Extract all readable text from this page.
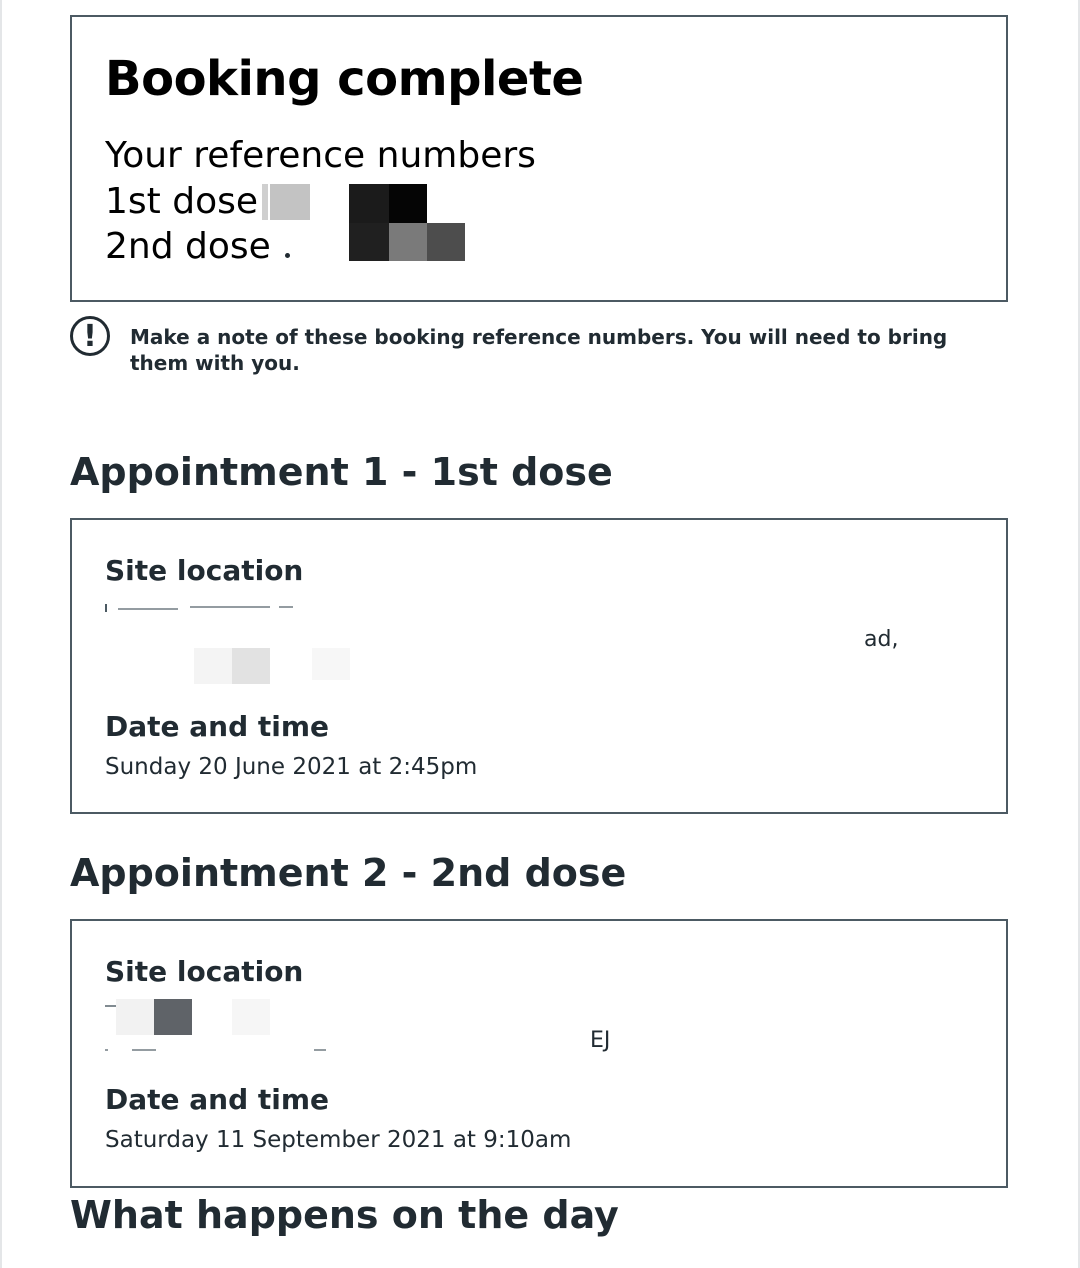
Booking complete

Your reference numbers

1st dose

2nd dose

!	Make a note of these booking reference numbers. You will need to bring them with you.

Appointment 1 - 1st dose

Site location

ad,

Date and time

Sunday 20 June 2021 at 2:45pm

Appointment 2 - 2nd dose

Site location

EJ

Date and time

Saturday 11 September 2021 at 9:10am

What happens on the day
